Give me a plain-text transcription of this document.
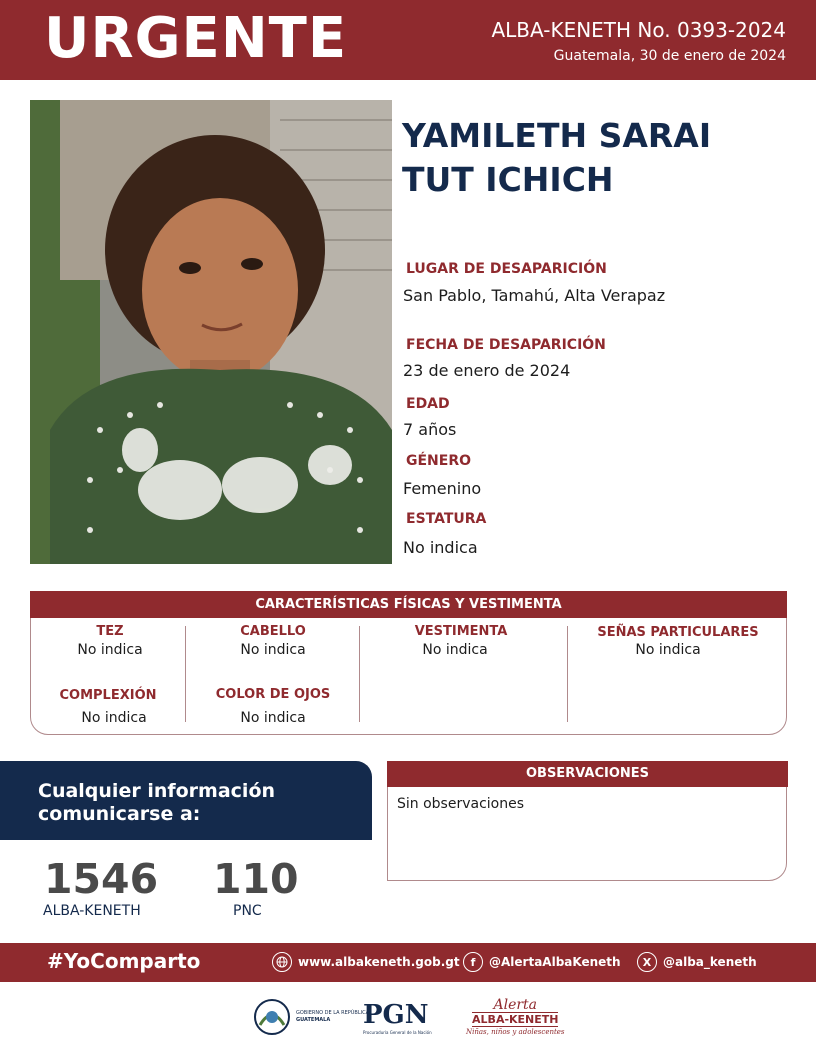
URGENTE	ALBA-KENETH No. 0393-2024
Guatemala, 30 de enero de 2024
YAMILETH SARAI
TUT ICHICH
LUGAR DE DESAPARICIÓN
San Pablo, Tamahú, Alta Verapaz
FECHA DE DESAPARICIÓN
23 de enero de 2024
EDAD
7 años
GÉNERO
Femenino
ESTATURA
No indica
CARACTERÍSTICAS FÍSICAS Y VESTIMENTA
TEZ
No indica
CABELLO
No indica
VESTIMENTA
No indica
SEÑAS PARTICULARES
No indica
COMPLEXIÓN
No indica
COLOR DE OJOS
No indica
Cualquier información
comunicarse a:
1546
ALBA-KENETH
110
PNC
OBSERVACIONES
Sin observaciones
#YoComparto	www.albakeneth.gob.gt	f	@AlertaAlbaKeneth	X @alba_keneth
GOBIERNO DE LA REPÚBLICA
GUATEMALA	PGN
Procuraduría General de la Nación
Alerta
ALBA-KENETH
Niñas, niños y adolescentes
